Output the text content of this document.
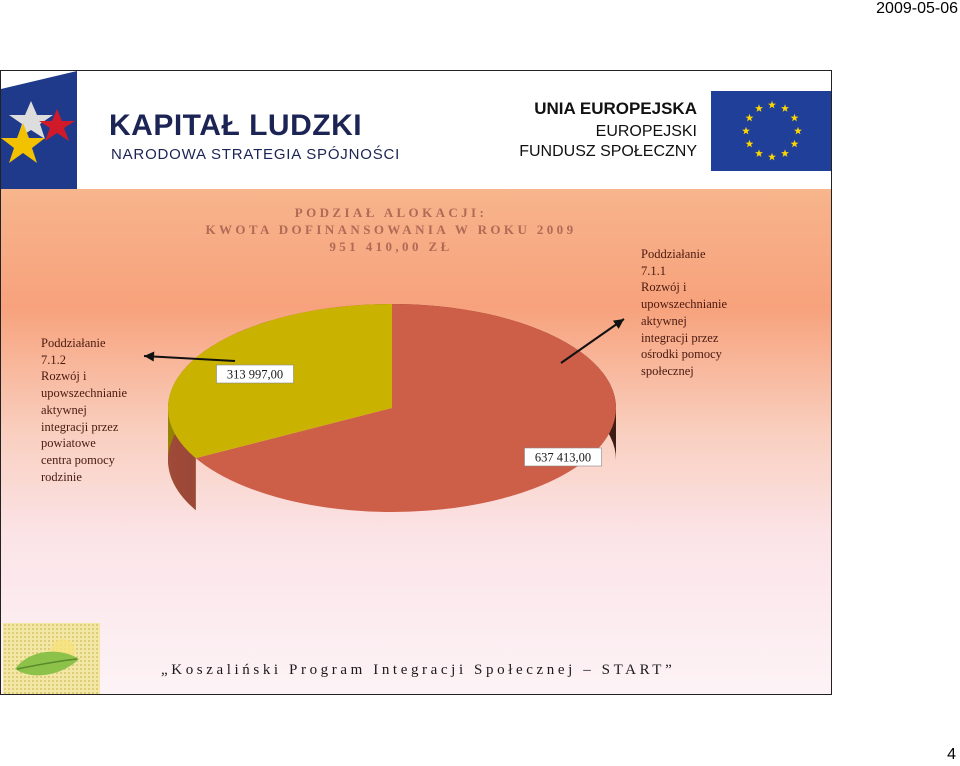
2009-05-06
KAPITAŁ LUDZKI
NARODOWA STRATEGIA SPÓJNOŚCI
UNIA EUROPEJSKA
EUROPEJSKI
FUNDUSZ SPOŁECZNY
PODZIAŁ ALOKACJI:
KWOTA DOFINANSOWANIA W ROKU 2009
951 410,00 ZŁ
313 997,00
637 413,00
Poddziałanie
7.1.2
Rozwój i
upowszechnianie
aktywnej
integracji przez
powiatowe
centra pomocy
rodzinie
Poddziałanie
7.1.1
Rozwój i
upowszechnianie
aktywnej
integracji przez
ośrodki pomocy
społecznej
„Koszaliński Program Integracji Społecznej – START”
4
